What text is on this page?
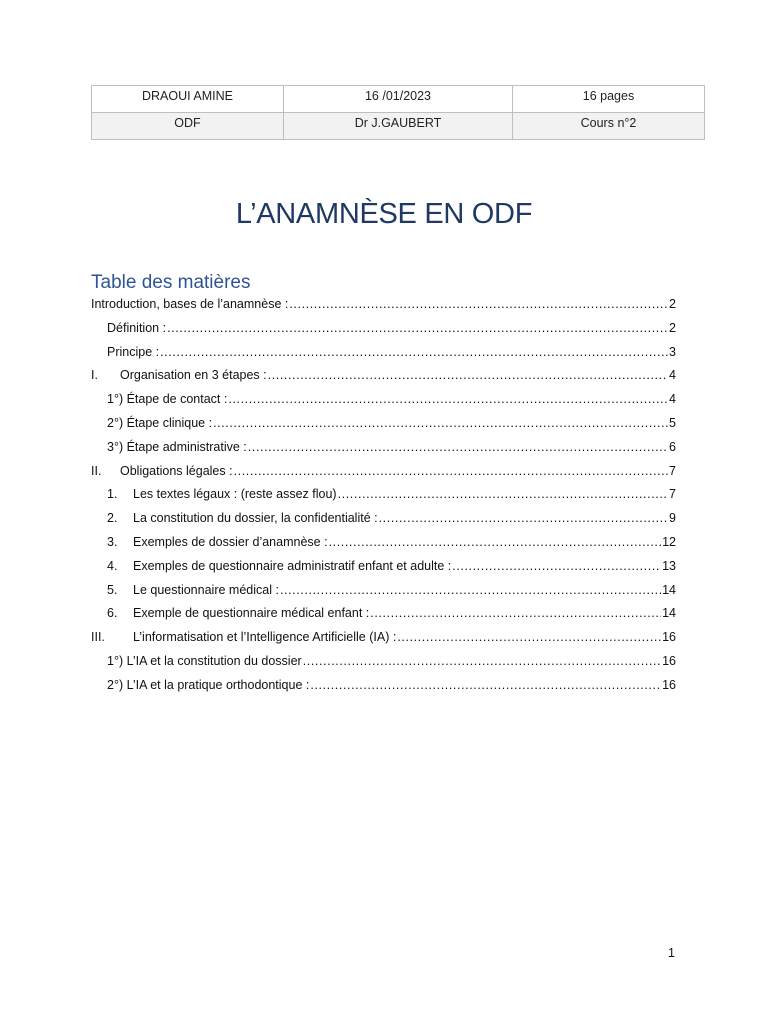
DRAOUI AMINE	16 /01/2023	16 pages
ODF	Dr J.GAUBERT	Cours n°2
L’ANAMNÈSE EN ODF
Table des matières
Introduction, bases de l’anamnèse : .....	2
Définition : .....	2
Principe : .....	3
I.	Organisation en 3 étapes : .....	4
1°) Étape de contact : .....	4
2°) Étape clinique : .....	5
3°) Étape administrative : .....	6
II.	Obligations légales : .....	7
1.	Les textes légaux : (reste assez flou) .....	7
2.	La constitution du dossier, la confidentialité : .....	9
3.	Exemples de dossier d’anamnèse : .....	12
4.	Exemples de questionnaire administratif enfant et adulte : .....	13
5.	Le questionnaire médical : .....	14
6.	Exemple de questionnaire médical enfant : .....	14
III.	L’informatisation et l’Intelligence Artificielle (IA) : .....	16
1°) L’IA et la constitution du dossier .....	16
2°) L’IA et la pratique orthodontique : .....	16
1
